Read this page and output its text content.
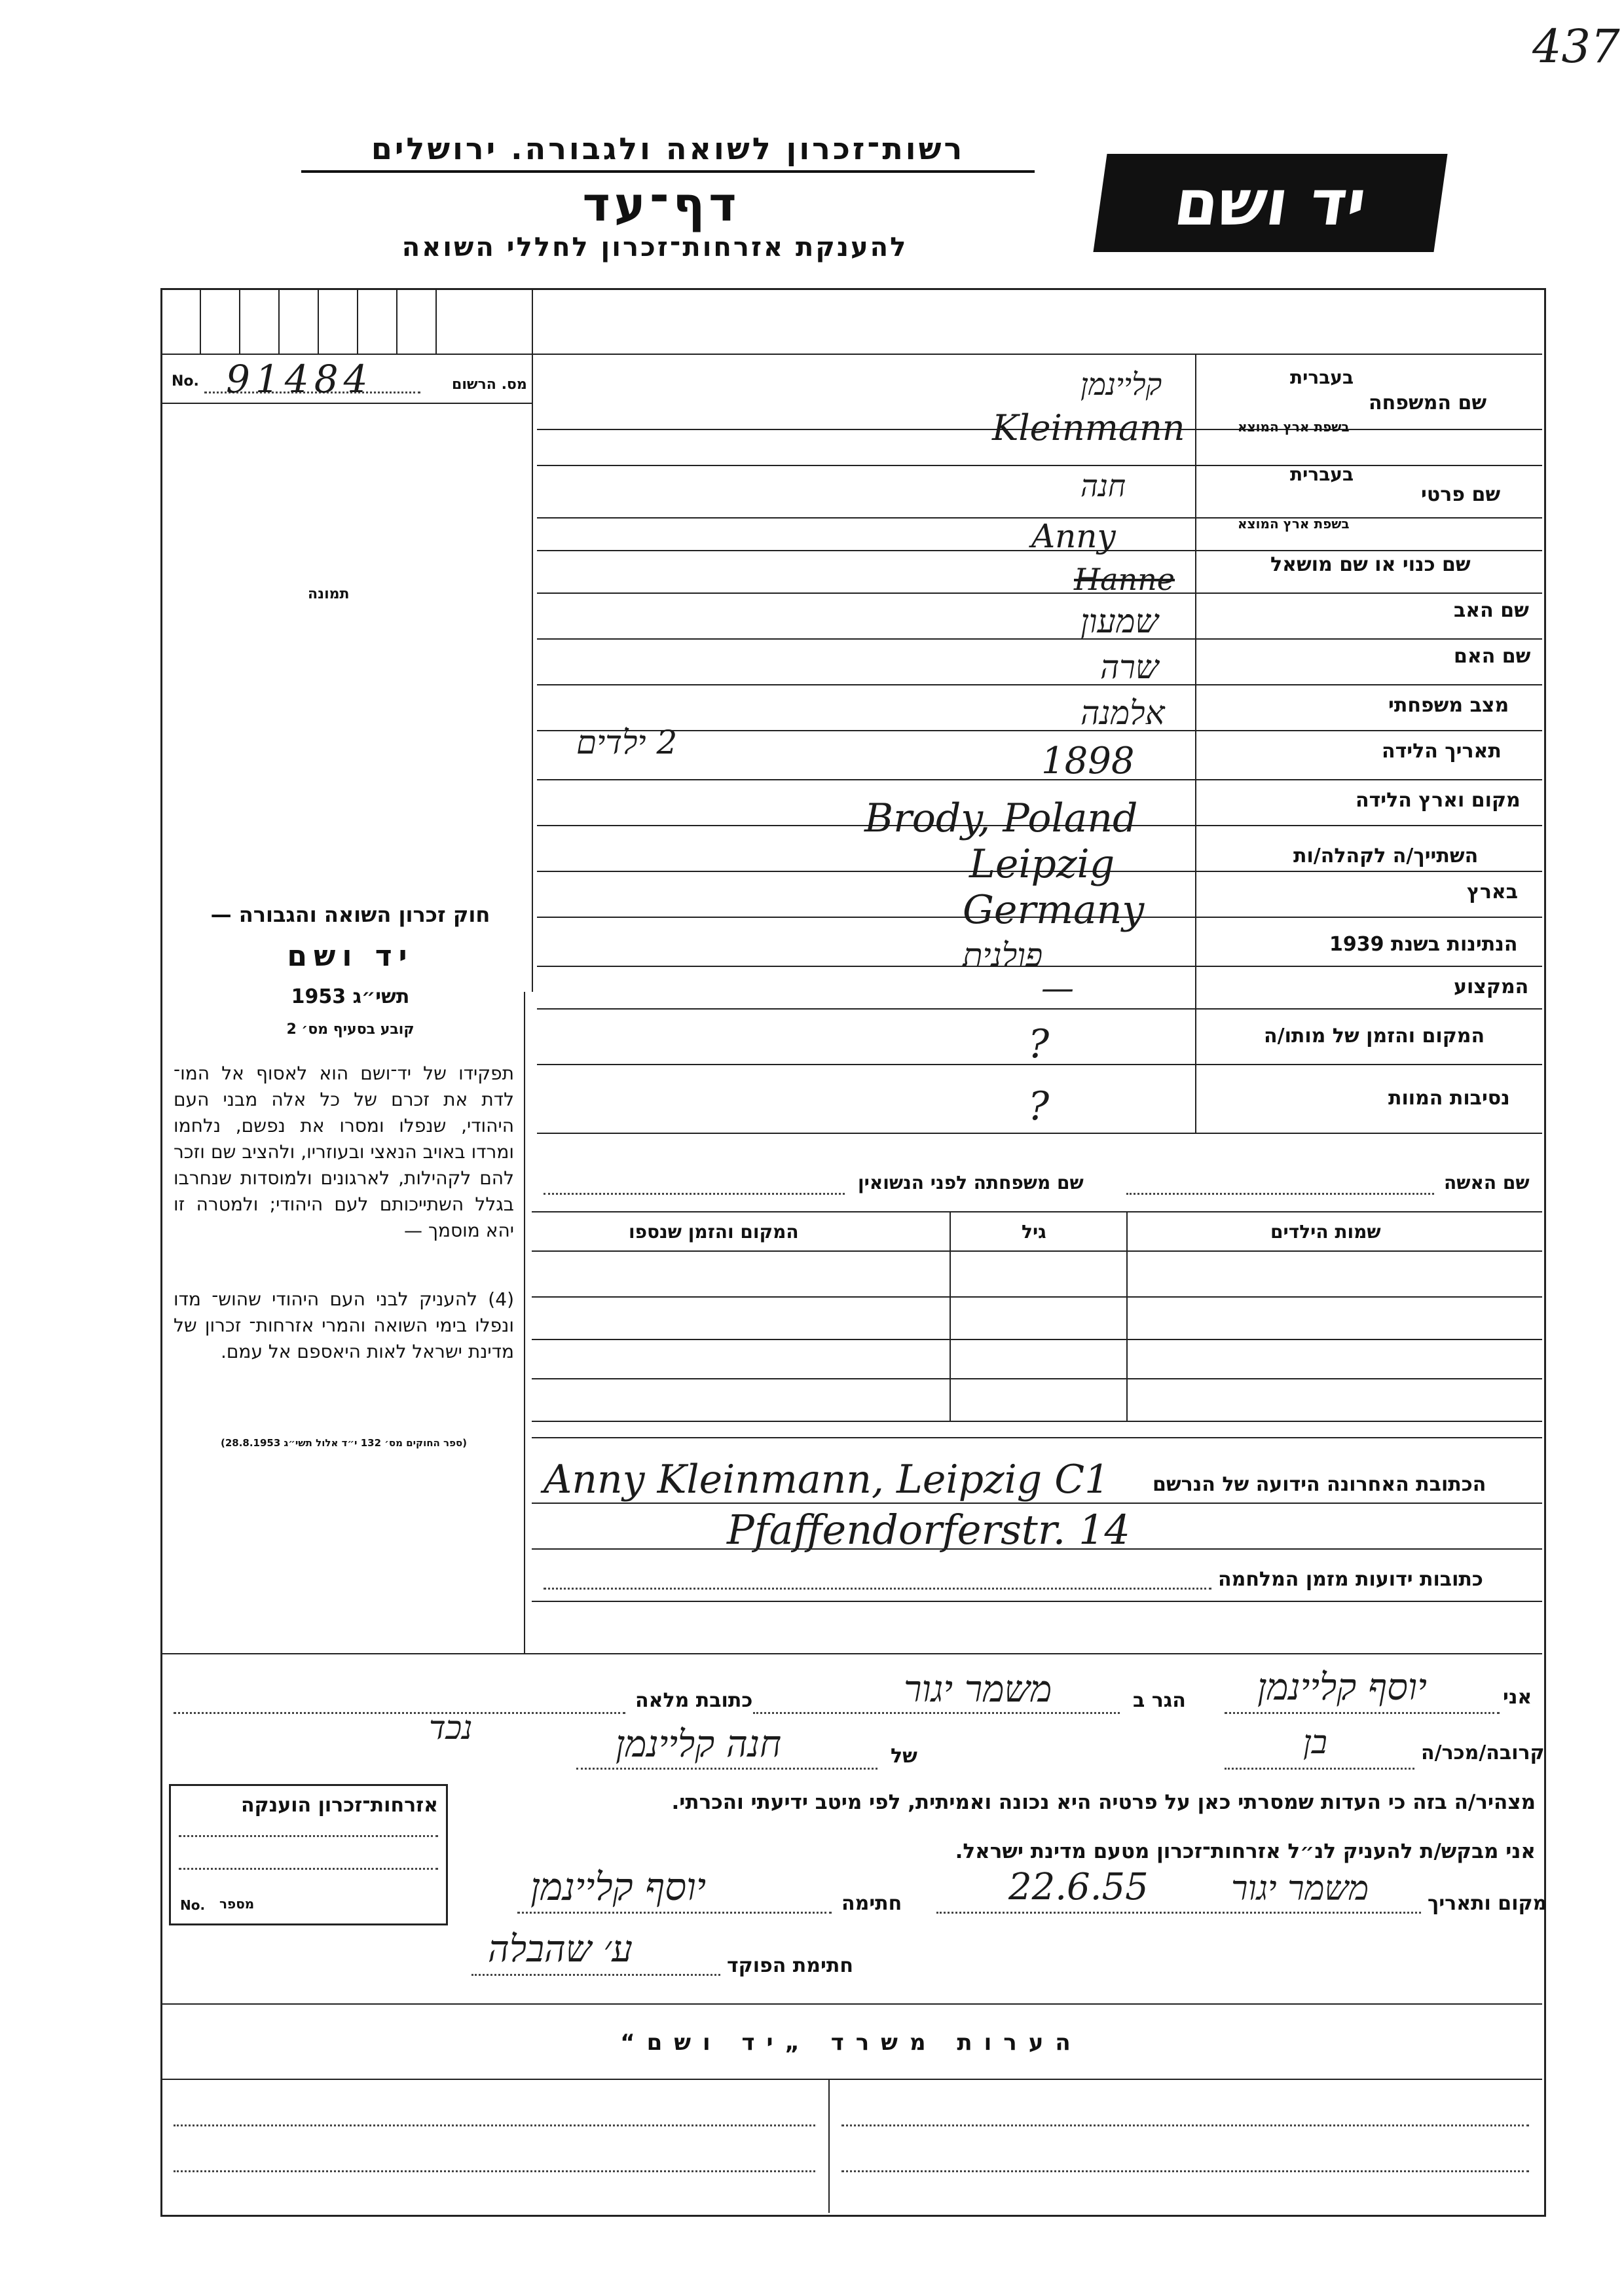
437
רשות־זכרון לשואה ולגבורה. ירושלים
דף־עד
להענקת אזרחות־זכרון לחללי השואה
יד ושם
No. 91484	מס. הרשום
תמונה
שם המשפחה
בעברית
בשפת ארץ המוצא
קליינמן
Kleinmann
שם פרטי
בעברית
בשפת ארץ המוצא
חנה
Anny
שם כנוי או שם מושאל
Hanne
שם האב
שמעון
שם האם
שרה
מצב משפחתי
אלמנה
2 ילדים	תאריך הלידה
1898
מקום וארץ הלידה
Brody, Poland
השתייך/ה לקהלה/ות
Leipzig
בארץ
Germany
הנתינות בשנת 1939
פולנית
המקצוע
—
המקום והזמן של מותו/ה
?
נסיבות המוות
?
שם האשה
שם משפחתה לפני הנשואין
שמות הילדים
גיל
המקום והזמן שנספו
חוק זכרון השואה והגבורה —
יד ושם
תשי״ג 1953
קובע בסעיף מס׳ 2
תפקידו של יד־ושם הוא לאסוף אל המו־ לדת את זכרם של כל אלה מבני העם היהודי, שנפלו ומסרו את נפשם, נלחמו ומרדו באויב הנאצי ובעוזריו, ולהציב שם וזכר להם לקהילות, לארגונים ולמוסדות שנחרבו בגלל השתייכותם לעם היהודי; ולמטרה זו יהא מוסמך —
(4) להעניק לבני העם היהודי שהוש־ מדו ונפלו בימי השואה והמרי אזרחות־ זכרון של מדינת ישראל לאות היאספם אל עמם.
(ספר החוקים מס׳ 132 י״ד אלול תשי״ג 28.8.1953)
הכתובת האחרונה הידועה של הנרשם
Anny Kleinmann, Leipzig C1
Pfaffendorferstr. 14
כתובות ידועות מזמן המלחמה
אני
יוסף קליינמן
הגר ב
משמר יגור
כתובת מלאה
קרובה/מכר/ה
בן
של
חנה קליינמן
נכד
מצהיר/ה בזה כי העדות שמסרתי כאן על פרטיה היא נכונה ואמיתית, לפי מיטב ידיעתי והכרתי.
אני מבקש/ת להעניק לנ״ל אזרחות־זכרון מטעם מדינת ישראל.
מקום ותאריך
משמר יגור
22.6.55
חתימה
יוסף קליינמן
חתימת הפוקד
ע׳ שהבלה
אזרחות־זכרון הוענקה
No. מספר
הערות משרד „יד ושם“
